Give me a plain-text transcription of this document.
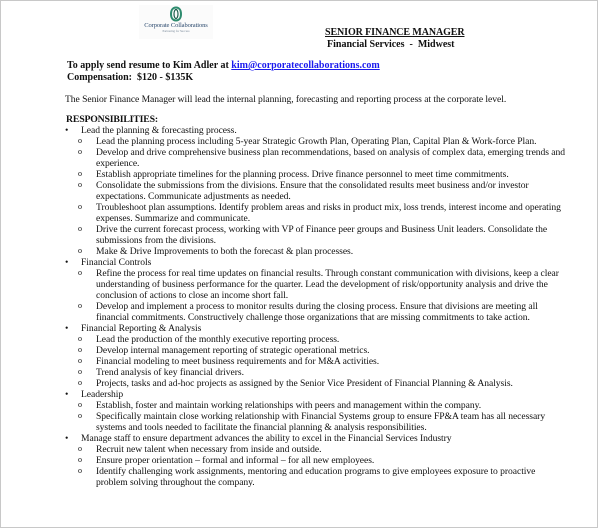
Corporate Collaborations
Partnering for Success	SENIOR FINANCE MANAGER
Financial Services  -  Midwest
To apply send resume to Kim Adler at kim@corporatecollaborations.com
Compensation:  $120 - $135K
The Senior Finance Manager will lead the internal planning, forecasting and reporting process at the corporate level.
RESPONSIBILITIES:
•	Lead the planning & forecasting process.
o Lead the planning process including 5-year Strategic Growth Plan, Operating Plan, Capital Plan & Work-force Plan.
o Develop and drive comprehensive business plan recommendations, based on analysis of complex data, emerging trends and experience.
o Establish appropriate timelines for the planning process. Drive finance personnel to meet time commitments.
o Consolidate the submissions from the divisions. Ensure that the consolidated results meet business and/or investor expectations. Communicate adjustments as needed.
o Troubleshoot plan assumptions. Identify problem areas and risks in product mix, loss trends, interest income and operating expenses. Summarize and communicate.
o Drive the current forecast process, working with VP of Finance peer groups and Business Unit leaders. Consolidate the submissions from the divisions.
o Make & Drive Improvements to both the forecast & plan processes.
•	Financial Controls
o Refine the process for real time updates on financial results. Through constant communication with divisions, keep a clear understanding of business performance for the quarter. Lead the development of risk/opportunity analysis and drive the conclusion of actions to close an income short fall.
o Develop and implement a process to monitor results during the closing process. Ensure that divisions are meeting all financial commitments. Constructively challenge those organizations that are missing commitments to take action.
•	Financial Reporting & Analysis
o Lead the production of the monthly executive reporting process.
o Develop internal management reporting of strategic operational metrics.
o Financial modeling to meet business requirements and for M&A activities.
o Trend analysis of key financial drivers.
o Projects, tasks and ad-hoc projects as assigned by the Senior Vice President of Financial Planning & Analysis.
•	Leadership
o Establish, foster and maintain working relationships with peers and management within the company.
o Specifically maintain close working relationship with Financial Systems group to ensure FP&A team has all necessary systems and tools needed to facilitate the financial planning & analysis responsibilities.
•	Manage staff to ensure department advances the ability to excel in the Financial Services Industry
o Recruit new talent when necessary from inside and outside.
o Ensure proper orientation – formal and informal – for all new employees.
o Identify challenging work assignments, mentoring and education programs to give employees exposure to proactive problem solving throughout the company.
